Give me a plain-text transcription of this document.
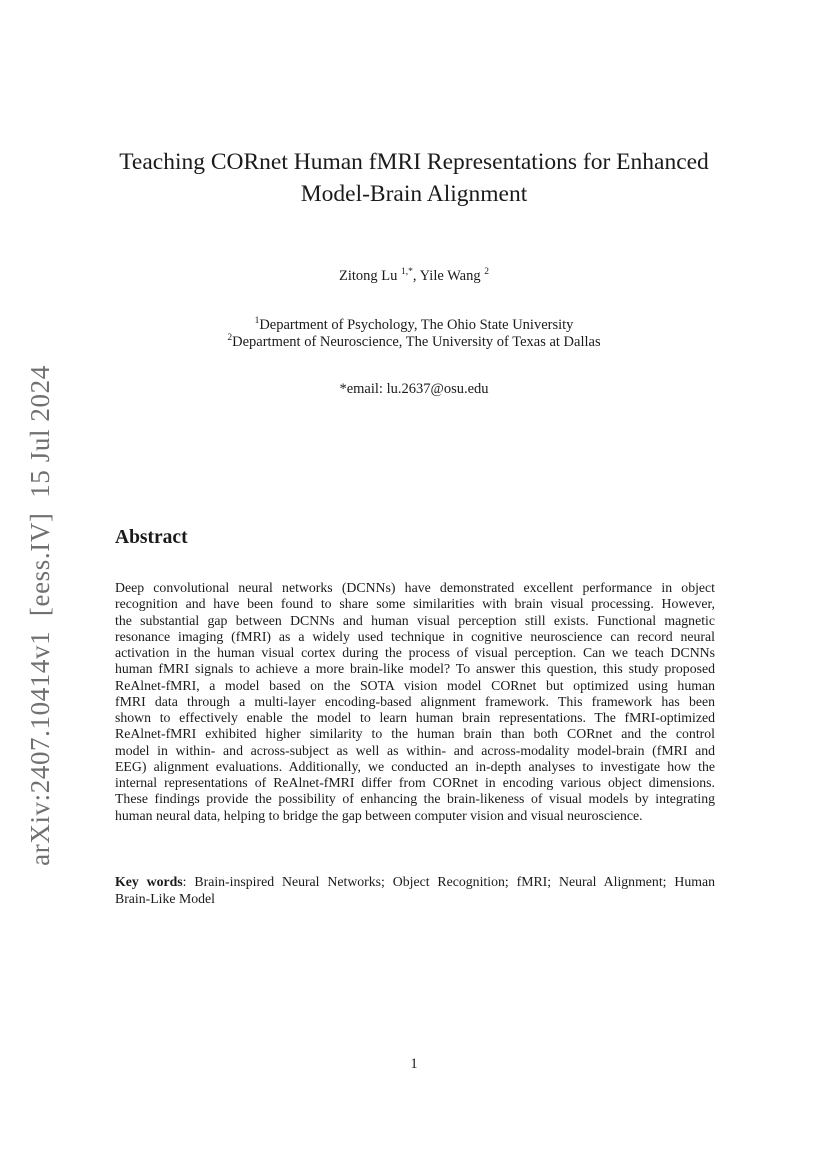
arXiv:2407.10414v1  [eess.IV]  15 Jul 2024
Teaching CORnet Human fMRI Representations for Enhanced
Model-Brain Alignment
Zitong Lu $^{1,*}$, Yile Wang $^2$
$^1$Department of Psychology, The Ohio State University
$^2$Department of Neuroscience, The University of Texas at Dallas
*email: lu.2637@osu.edu
Abstract
Deep convolutional neural networks (DCNNs) have demonstrated excellent performance in object
recognition and have been found to share some similarities with brain visual processing. However,
the substantial gap between DCNNs and human visual perception still exists. Functional magnetic
resonance imaging (fMRI) as a widely used technique in cognitive neuroscience can record neural
activation in the human visual cortex during the process of visual perception. Can we teach DCNNs
human fMRI signals to achieve a more brain-like model? To answer this question, this study proposed
ReAlnet-fMRI, a model based on the SOTA vision model CORnet but optimized using human
fMRI data through a multi-layer encoding-based alignment framework. This framework has been
shown to effectively enable the model to learn human brain representations. The fMRI-optimized
ReAlnet-fMRI exhibited higher similarity to the human brain than both CORnet and the control
model in within- and across-subject as well as within- and across-modality model-brain (fMRI and
EEG) alignment evaluations. Additionally, we conducted an in-depth analyses to investigate how the
internal representations of ReAlnet-fMRI differ from CORnet in encoding various object dimensions.
These findings provide the possibility of enhancing the brain-likeness of visual models by integrating
human neural data, helping to bridge the gap between computer vision and visual neuroscience.
Key words: Brain-inspired Neural Networks; Object Recognition; fMRI; Neural Alignment; Human
Brain-Like Model
1
